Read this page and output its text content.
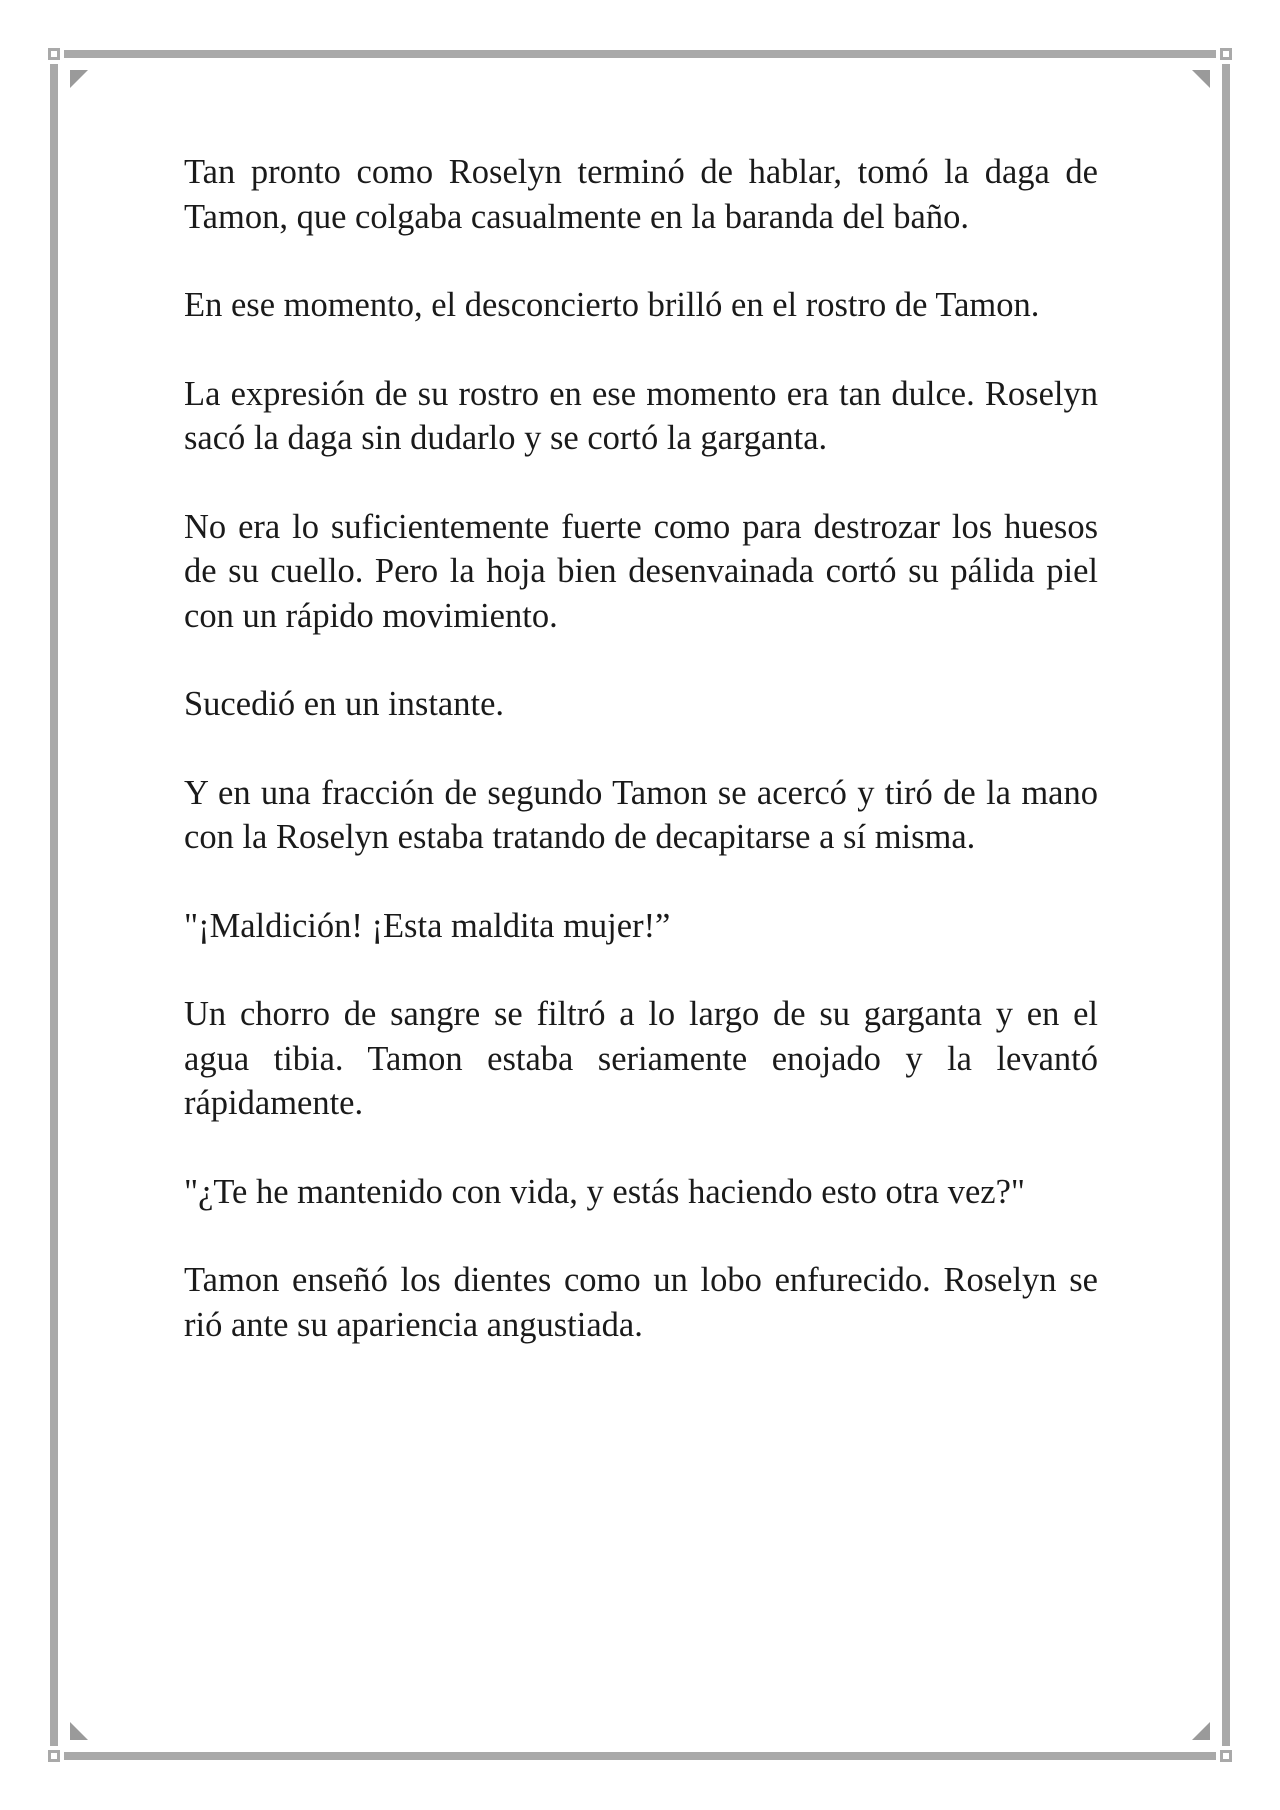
Tan pronto como Roselyn terminó de hablar, tomó la daga de Tamon, que colgaba casualmente en la baranda del baño.

En ese momento, el desconcierto brilló en el rostro de Tamon.

La expresión de su rostro en ese momento era tan dulce. Roselyn sacó la daga sin dudarlo y se cortó la garganta.

No era lo suficientemente fuerte como para destrozar los huesos de su cuello. Pero la hoja bien desenvainada cortó su pálida piel con un rápido movimiento.

Sucedió en un instante.

Y en una fracción de segundo Tamon se acercó y tiró de la mano con la Roselyn estaba tratando de decapitarse a sí misma.

"¡Maldición! ¡Esta maldita mujer!”

Un chorro de sangre se filtró a lo largo de su garganta y en el agua tibia. Tamon estaba seriamente enojado y la levantó rápidamente.

"¿Te he mantenido con vida, y estás haciendo esto otra vez?"

Tamon enseñó los dientes como un lobo enfurecido. Roselyn se rió ante su apariencia angustiada.
